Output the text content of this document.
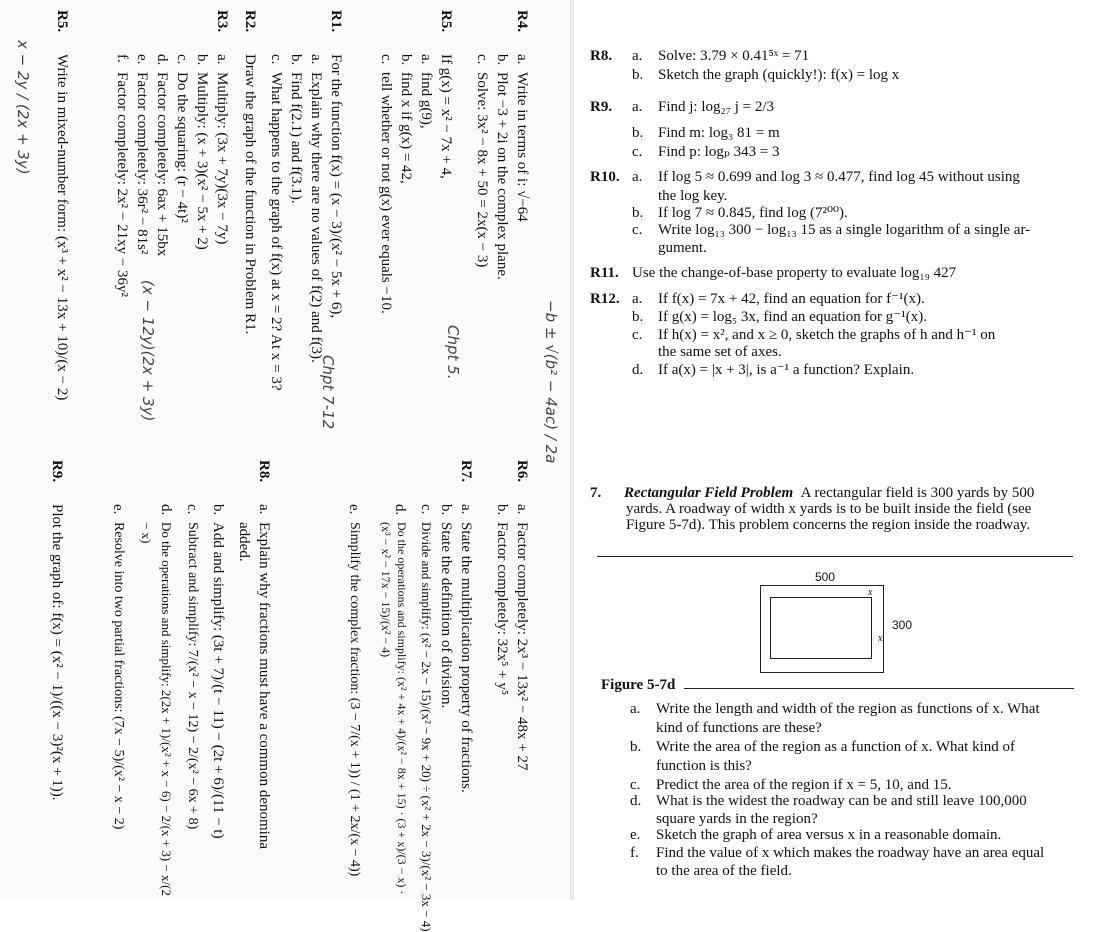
R4.
a.
Write in terms of i: √−64
b.
Plot −3 + 2i on the complex plane.
c.
Solve: 3x² − 8x + 50 = 2x(x − 3)
R5.
If g(x) = x² − 7x + 4,
a.
find g(9),
b.
find x if g(x) = 42,
c.
tell whether or not g(x) ever equals −10.
R1.
For the function f(x) = (x − 3)/(x² − 5x + 6),
a.
Explain why there are no values of f(2) and f(3).
b.
Find f(2.1) and f(3.1).
c.
What happens to the graph of f(x) at x = 2? At x = 3?
R2.
Draw the graph of the function in Problem R1.
R3.
a.
Multiply: (3x + 7y)(3x − 7y)
b.
Multiply: (x + 3)(x² − 5x + 2)
c.
Do the squaring: (r − 4t)²
d.
Factor completely: 6ax + 15bx
e.
Factor completely: 36r² − 81s²
f.
Factor completely: 2x² − 21xy − 36y²
R5.
Write in mixed-number form: (x³ + x² − 13x + 10)/(x − 2)
R6.
a.
Factor completely: 2x³ − 13x² − 48x + 27
b.
Factor completely: 32x⁵ + y⁵
R7.
a.
State the multiplication property of fractions.
b.
State the definition of division.
c.
Divide and simplify: (x² − 2x − 15)/(x² − 9x + 20) ÷ (x² + 2x − 3)/(x² − 3x − 4)
d.
Do the operations and simplify: (x² + 4x + 4)/(x² − 8x + 15) · (3 + x)/(3 − x) · (x³ − x² − 17x − 15)/(x² − 4)
e.
Simplify the complex fraction: (3 − 7/(x + 1)) / (1 + 2x/(x − 4))
R8.
a.
Explain why fractions must have a common denomina
added.
b.
Add and simplify: (3t + 7)/(t − 11) − (2t + 6)/(11 − t)
c.
Subtract and simplify: 7/(x² − x − 12) − 2/(x² − 6x + 8)
d.
Do the operations and simplify: 2(2x + 1)/(x² + x − 6) − 2/(x + 3) − x/(2 − x)
e.
Resolve into two partial fractions: (7x − 5)/(x² − x − 2)
R9.
Plot the graph of: f(x) = (x² − 1)/((x − 3)²(x + 1)).
−b ± √(b² − 4ac) / 2a
Chpt 5.
Chpt 7-12
(x − 12y)(2x + 3y)
x − 2y / (2x + 3y)	R8.	a.	Solve: 3.79 × 0.41⁵ˣ = 71
b. Sketch the graph (quickly!): f(x) = log x
R9.	a.	Find j: log₂₇ j = 2/3
b. Find m: log₃ 81 = m
c.	Find p: logₚ 343 = 3
R10. a.	If log 5 ≈ 0.699 and log 3 ≈ 0.477, find log 45 without using
the log key.
b. If log 7 ≈ 0.845, find log (7²⁰⁰).
c.	Write log₁₃ 300 − log₁₃ 15 as a single logarithm of a single ar-
gument.
R11. Use the change-of-base property to evaluate log₁₉ 427
R12. a.	If f(x) = 7x + 42, find an equation for f⁻¹(x).
b. If g(x) = log₅ 3x, find an equation for g⁻¹(x).
c.	If h(x) = x², and x ≥ 0, sketch the graphs of h and h⁻¹ on
the same set of axes.
d. If a(x) = |x + 3|, is a⁻¹ a function? Explain.
7.	Rectangular Field Problem A rectangular field is 300 yards by 500
yards. A roadway of width x yards is to be built inside the field (see
Figure 5-7d). This problem concerns the region inside the roadway.
500
300
x
x
Figure 5-7d
a.	Write the length and width of the region as functions of x. What
kind of functions are these?
b. Write the area of the region as a function of x. What kind of
function is this?
c.	Predict the area of the region if x = 5, 10, and 15.
d. What is the widest the roadway can be and still leave 100,000
square yards in the region?
e.	Sketch the graph of area versus x in a reasonable domain.
f.	Find the value of x which makes the roadway have an area equal
to the area of the field.
